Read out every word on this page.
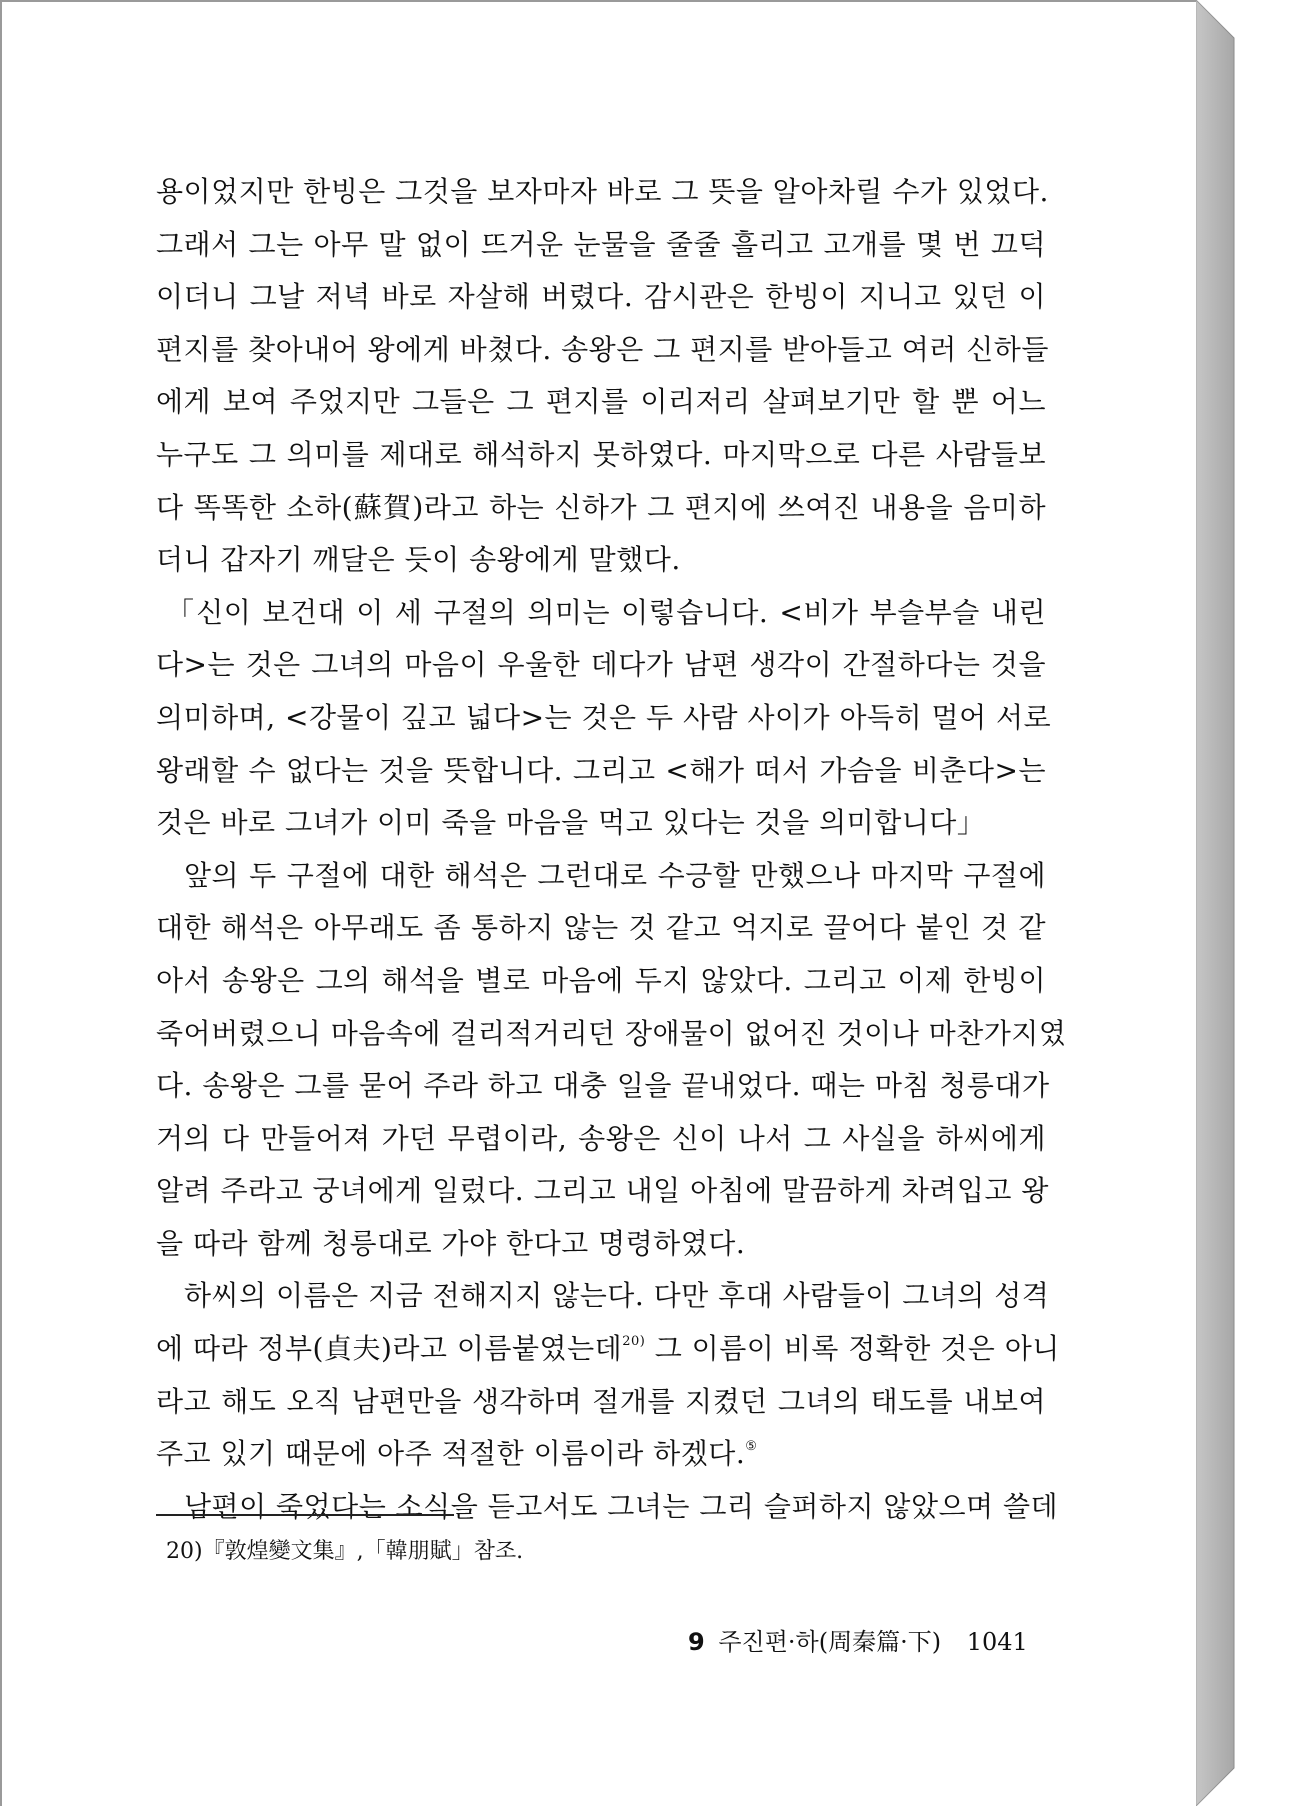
용이었지만 한빙은 그것을 보자마자 바로 그 뜻을 알아차릴 수가 있었다.
그래서 그는 아무 말 없이 뜨거운 눈물을 줄줄 흘리고 고개를 몇 번 끄덕
이더니 그날 저녁 바로 자살해 버렸다. 감시관은 한빙이 지니고 있던 이
편지를 찾아내어 왕에게 바쳤다. 송왕은 그 편지를 받아들고 여러 신하들
에게 보여 주었지만 그들은 그 편지를 이리저리 살펴보기만 할 뿐 어느
누구도 그 의미를 제대로 해석하지 못하였다. 마지막으로 다른 사람들보
다 똑똑한 소하(蘇賀)라고 하는 신하가 그 편지에 쓰여진 내용을 음미하
더니 갑자기 깨달은 듯이 송왕에게 말했다.
「신이 보건대 이 세 구절의 의미는 이렇습니다. <비가 부슬부슬 내린
다>는 것은 그녀의 마음이 우울한 데다가 남편 생각이 간절하다는 것을
의미하며, <강물이 깊고 넓다>는 것은 두 사람 사이가 아득히 멀어 서로
왕래할 수 없다는 것을 뜻합니다. 그리고 <해가 떠서 가슴을 비춘다>는
것은 바로 그녀가 이미 죽을 마음을 먹고 있다는 것을 의미합니다」
앞의 두 구절에 대한 해석은 그런대로 수긍할 만했으나 마지막 구절에
대한 해석은 아무래도 좀 통하지 않는 것 같고 억지로 끌어다 붙인 것 같
아서 송왕은 그의 해석을 별로 마음에 두지 않았다. 그리고 이제 한빙이
죽어버렸으니 마음속에 걸리적거리던 장애물이 없어진 것이나 마찬가지였
다. 송왕은 그를 묻어 주라 하고 대충 일을 끝내었다. 때는 마침 청릉대가
거의 다 만들어져 가던 무렵이라, 송왕은 신이 나서 그 사실을 하씨에게
알려 주라고 궁녀에게 일렀다. 그리고 내일 아침에 말끔하게 차려입고 왕
을 따라 함께 청릉대로 가야 한다고 명령하였다.
하씨의 이름은 지금 전해지지 않는다. 다만 후대 사람들이 그녀의 성격
에 따라 정부(貞夫)라고 이름붙였는데$^{20)}$ 그 이름이 비록 정확한 것은 아니
라고 해도 오직 남편만을 생각하며 절개를 지켰던 그녀의 태도를 내보여
주고 있기 때문에 아주 적절한 이름이라 하겠다.⑤
남편이 죽었다는 소식을 듣고서도 그녀는 그리 슬퍼하지 않았으며 쓸데
20)『敦煌變文集』,「韓朋賦」참조.
9 주진편·하(周秦篇·下) 1041
